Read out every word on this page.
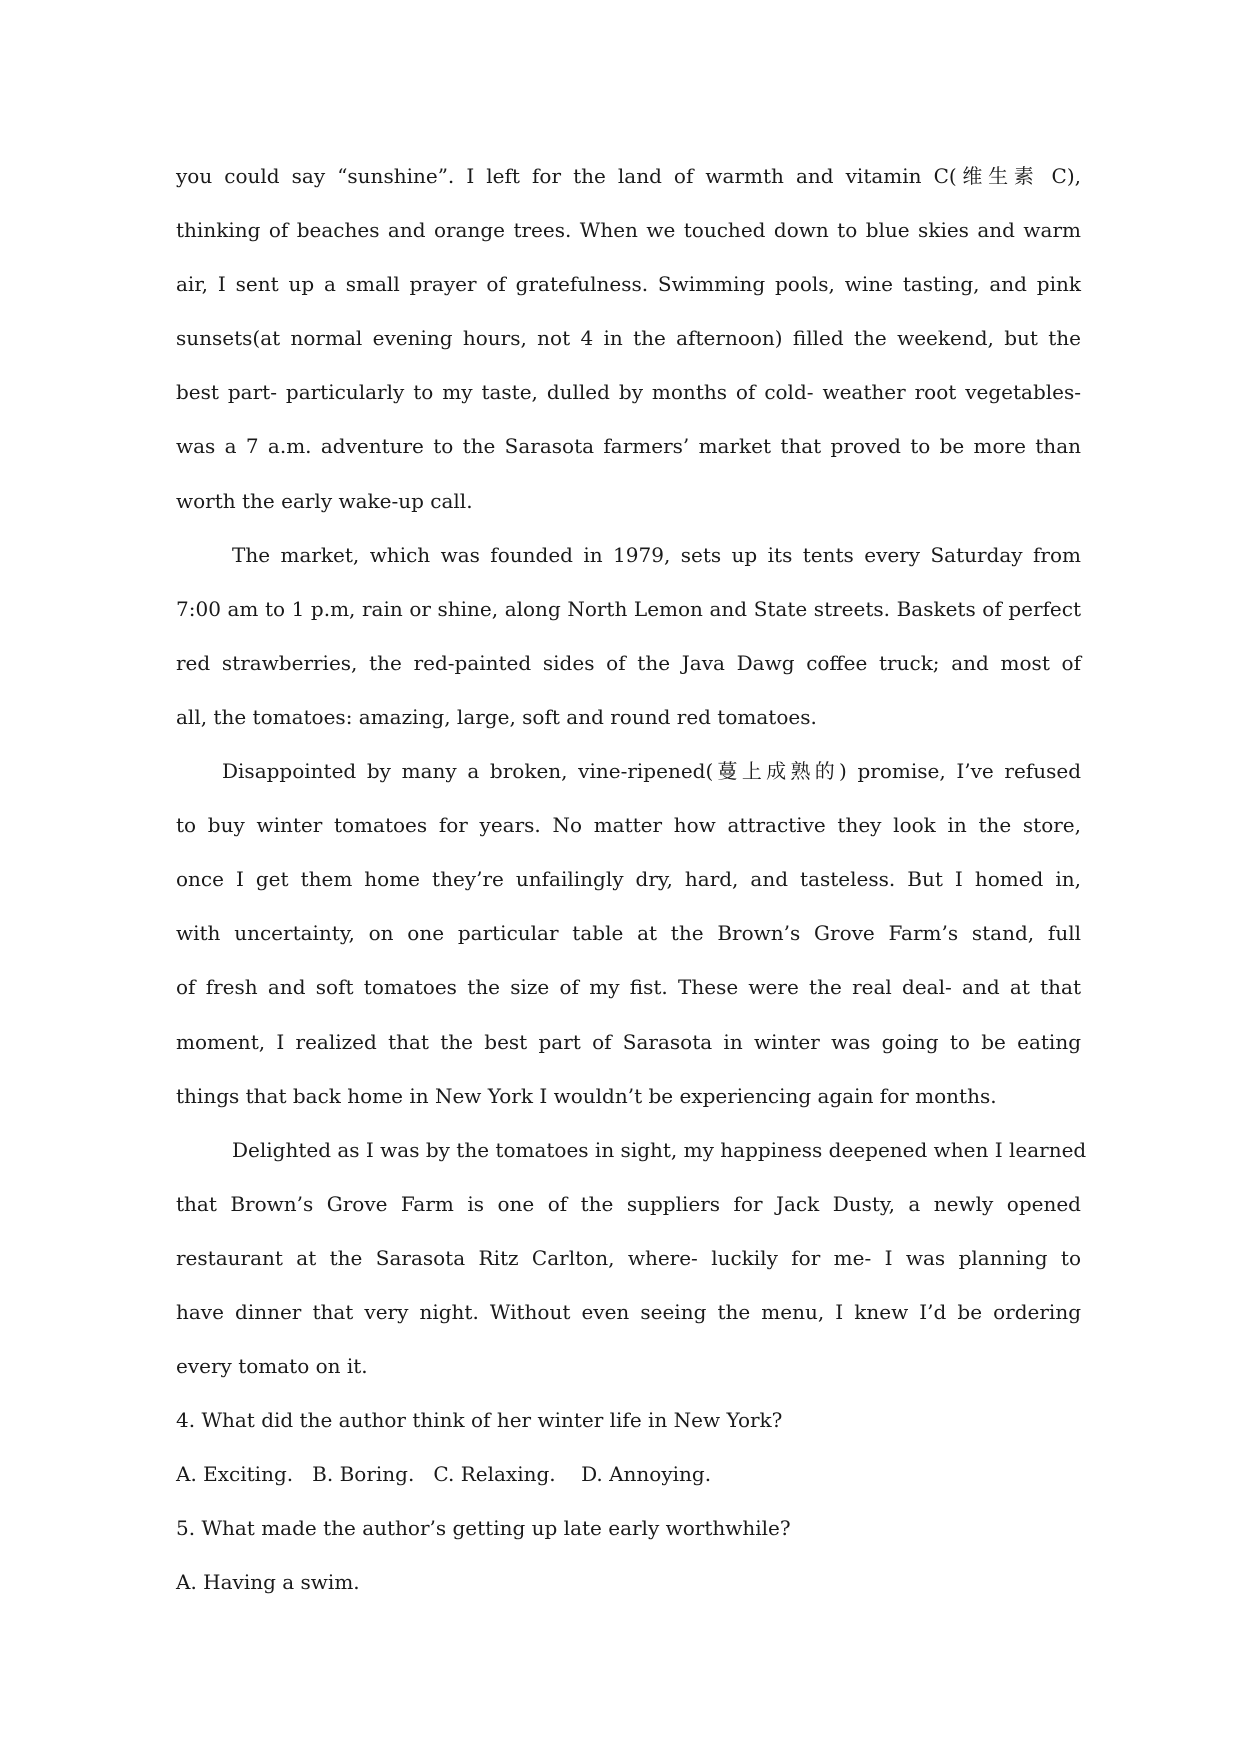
you could say “sunshine”. I left for the land of warmth and vitamin C(维生素 C),
thinking of beaches and orange trees. When we touched down to blue skies and warm
air, I sent up a small prayer of gratefulness. Swimming pools, wine tasting, and pink
sunsets(at normal evening hours, not 4 in the afternoon) filled the weekend, but the
best part- particularly to my taste, dulled by months of cold- weather root vegetables-
was a 7 a.m. adventure to the Sarasota farmers’ market that proved to be more than
worth the early wake-up call.
The market, which was founded in 1979, sets up its tents every Saturday from
7:00 am to 1 p.m, rain or shine, along North Lemon and State streets. Baskets of perfect
red strawberries, the red-painted sides of the Java Dawg coffee truck; and most of
all, the tomatoes: amazing, large, soft and round red tomatoes.
Disappointed by many a broken, vine-ripened(蔓上成熟的) promise, I’ve refused
to buy winter tomatoes for years. No matter how attractive they look in the store,
once I get them home they’re unfailingly dry, hard, and tasteless. But I homed in,
with uncertainty, on one particular table at the Brown’s Grove Farm’s stand, full
of fresh and soft tomatoes the size of my fist. These were the real deal- and at that
moment, I realized that the best part of Sarasota in winter was going to be eating
things that back home in New York I wouldn’t be experiencing again for months.
Delighted as I was by the tomatoes in sight, my happiness deepened when I learned
that Brown’s Grove Farm is one of the suppliers for Jack Dusty, a newly opened
restaurant at the Sarasota Ritz Carlton, where- luckily for me- I was planning to
have dinner that very night. Without even seeing the menu, I knew I’d be ordering
every tomato on it.
4. What did the author think of her winter life in New York?
A. Exciting.   B. Boring.   C. Relaxing.    D. Annoying.
5. What made the author’s getting up late early worthwhile?
A. Having a swim.
